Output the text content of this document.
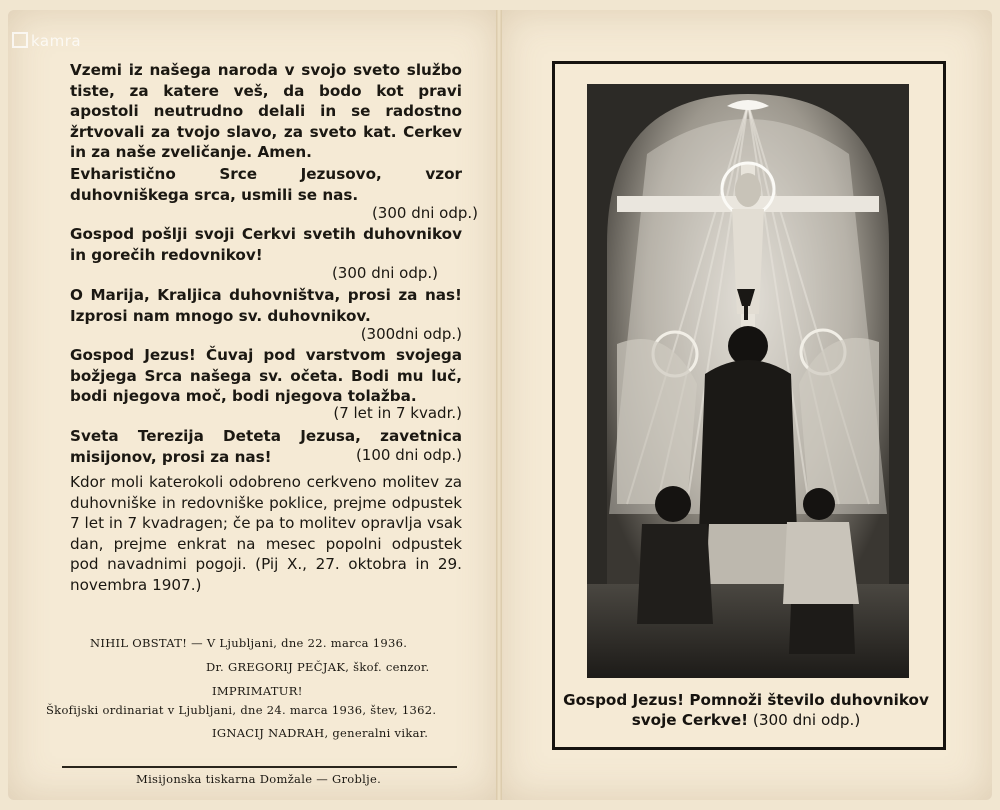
kamra
Vzemi iz našega naroda v svojo sveto službo tiste, za katere veš, da bodo kot pravi apostoli neutrudno delali in se radostno žrtvovali za tvojo slavo, za sveto kat. Cerkev in za naše zveličanje. Amen.
Evharistično Srce Jezusovo, vzor duhovniškega srca, usmili se nas.
(300 dni odp.)
Gospod pošlji svoji Cerkvi svetih duhovnikov in gorečih redovnikov!
(300 dni odp.)
O Marija, Kraljica duhovništva, prosi za nas! Izprosi nam mnogo sv. duhovnikov.
(300dni odp.)
Gospod Jezus! Čuvaj pod varstvom svojega božjega Srca našega sv. očeta. Bodi mu luč, bodi njegova moč, bodi njegova tolažba.
(7 let in 7 kvadr.)
Sveta Terezija Deteta Jezusa, zavetnica misijonov, prosi za nas!	(100 dni odp.)
Kdor moli katerokoli odobreno cerkveno molitev za duhovniške in redovniške poklice, prejme odpustek 7 let in 7 kvadragen; če pa to molitev opravlja vsak dan, prejme enkrat na mesec popolni odpustek pod navadnimi pogoji. (Pij X., 27. oktobra in 29. novembra 1907.)
NIHIL OBSTAT! — V Ljubljani, dne 22. marca 1936.
Dr. GREGORIJ PEČJAK, škof. cenzor.
IMPRIMATUR!
Škofijski ordinariat v Ljubljani, dne 24. marca 1936, štev, 1362.
IGNACIJ NADRAH, generalni vikar.
Misijonska tiskarna Domžale — Groblje.
Gospod Jezus! Pomnoži število duhovnikov svoje Cerkve! (300 dni odp.)
